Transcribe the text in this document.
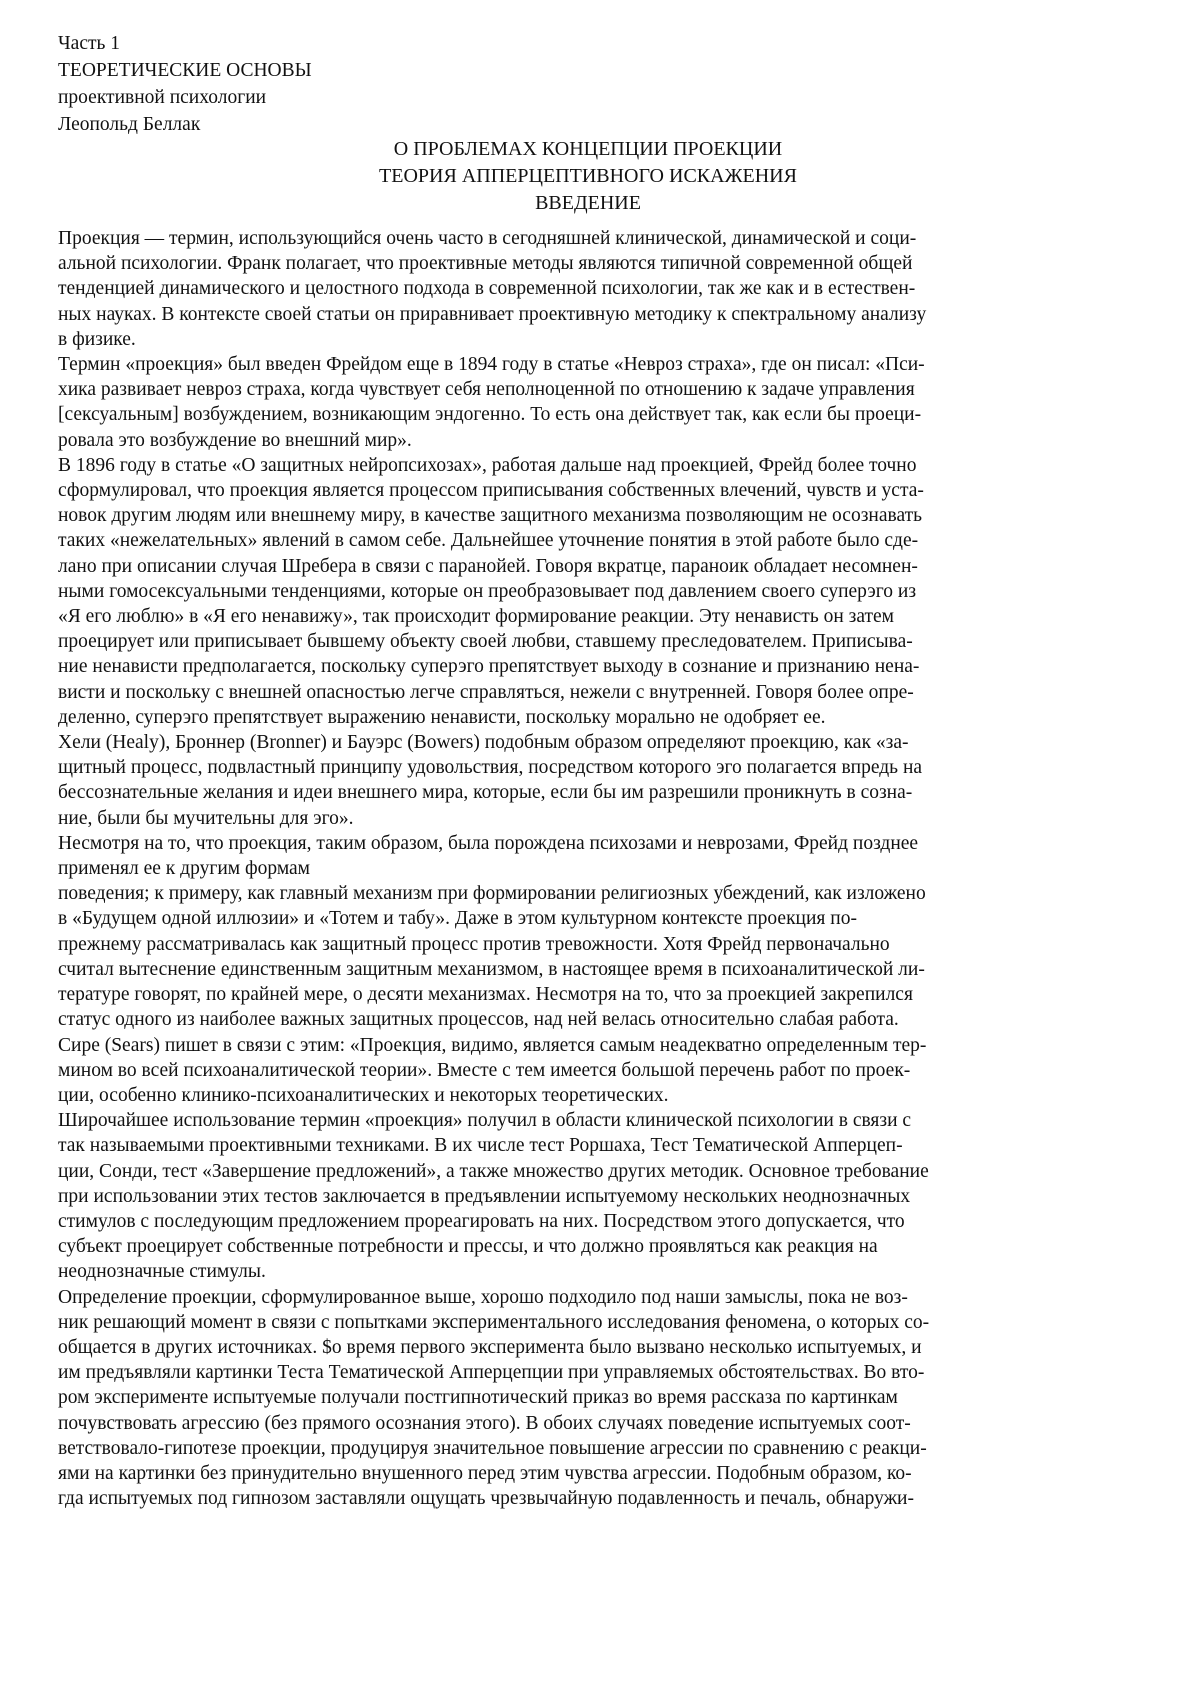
Часть 1
ТЕОРЕТИЧЕСКИЕ ОСНОВЫ
проективной психологии
Леопольд Беллак
О ПРОБЛЕМАХ КОНЦЕПЦИИ ПРОЕКЦИИ
ТЕОРИЯ АППЕРЦЕПТИВНОГО ИСКАЖЕНИЯ
ВВЕДЕНИЕ
Проекция — термин, использующийся очень часто в сегодняшней клинической, динамической и соци-
альной психологии. Франк полагает, что проективные методы являются типичной современной общей
тенденцией динамического и целостного подхода в современной психологии, так же как и в естествен-
ных науках. В контексте своей статьи он приравнивает проективную методику к спектральному анализу
в физике.
Термин «проекция» был введен Фрейдом еще в 1894 году в статье «Невроз страха», где он писал: «Пси-
хика развивает невроз страха, когда чувствует себя неполноценной по отношению к задаче управления
[сексуальным] возбуждением, возникающим эндогенно. То есть она действует так, как если бы проеци-
ровала это возбуждение во внешний мир».
В 1896 году в статье «О защитных нейропсихозах», работая дальше над проекцией, Фрейд более точно
сформулировал, что проекция является процессом приписывания собственных влечений, чувств и уста-
новок другим людям или внешнему миру, в качестве защитного механизма позволяющим не осознавать
таких «нежелательных» явлений в самом себе. Дальнейшее уточнение понятия в этой работе было сде-
лано при описании случая Шребера в связи с паранойей. Говоря вкратце, параноик обладает несомнен-
ными гомосексуальными тенденциями, которые он преобразовывает под давлением своего суперэго из
«Я его люблю» в «Я его ненавижу», так происходит формирование реакции. Эту ненависть он затем
проецирует или приписывает бывшему объекту своей любви, ставшему преследователем. Приписыва-
ние ненависти предполагается, поскольку суперэго препятствует выходу в сознание и признанию нена-
висти и поскольку с внешней опасностью легче справляться, нежели с внутренней. Говоря более опре-
деленно, суперэго препятствует выражению ненависти, поскольку морально не одобряет ее.
Хели (Healy), Броннер (Bronner) и Бауэрс (Bowers) подобным образом определяют проекцию, как «за-
щитный процесс, подвластный принципу удовольствия, посредством которого эго полагается впредь на
бессознательные желания и идеи внешнего мира, которые, если бы им разрешили проникнуть в созна-
ние, были бы мучительны для эго».
Несмотря на то, что проекция, таким образом, была порождена психозами и неврозами, Фрейд позднее
применял ее к другим формам
поведения; к примеру, как главный механизм при формировании религиозных убеждений, как изложено
в «Будущем одной иллюзии» и «Тотем и табу». Даже в этом культурном контексте проекция по-
прежнему рассматривалась как защитный процесс против тревожности. Хотя Фрейд первоначально
считал вытеснение единственным защитным механизмом, в настоящее время в психоаналитической ли-
тературе говорят, по крайней мере, о десяти механизмах. Несмотря на то, что за проекцией закрепился
статус одного из наиболее важных защитных процессов, над ней велась относительно слабая работа.
Сире (Sears) пишет в связи с этим: «Проекция, видимо, является самым неадекватно определенным тер-
мином во всей психоаналитической теории». Вместе с тем имеется большой перечень работ по проек-
ции, особенно клинико-психоаналитических и некоторых теоретических.
Широчайшее использование термин «проекция» получил в области клинической психологии в связи с
так называемыми проективными техниками. В их числе тест Роршаха, Тест Тематической Апперцеп-
ции, Сонди, тест «Завершение предложений», а также множество других методик. Основное требование
при использовании этих тестов заключается в предъявлении испытуемому нескольких неоднозначных
стимулов с последующим предложением прореагировать на них. Посредством этого допускается, что
субъект проецирует собственные потребности и прессы, и что должно проявляться как реакция на
неоднозначные стимулы.
Определение проекции, сформулированное выше, хорошо подходило под наши замыслы, пока не воз-
ник решающий момент в связи с попытками экспериментального исследования феномена, о которых со-
общается в других источниках. $о время первого эксперимента было вызвано несколько испытуемых, и
им предъявляли картинки Теста Тематической Апперцепции при управляемых обстоятельствах. Во вто-
ром эксперименте испытуемые получали постгипнотический приказ во время рассказа по картинкам
почувствовать агрессию (без прямого осознания этого). В обоих случаях поведение испытуемых соот-
ветствовало-гипотезе проекции, продуцируя значительное повышение агрессии по сравнению с реакци-
ями на картинки без принудительно внушенного перед этим чувства агрессии. Подобным образом, ко-
гда испытуемых под гипнозом заставляли ощущать чрезвычайную подавленность и печаль, обнаружи-
